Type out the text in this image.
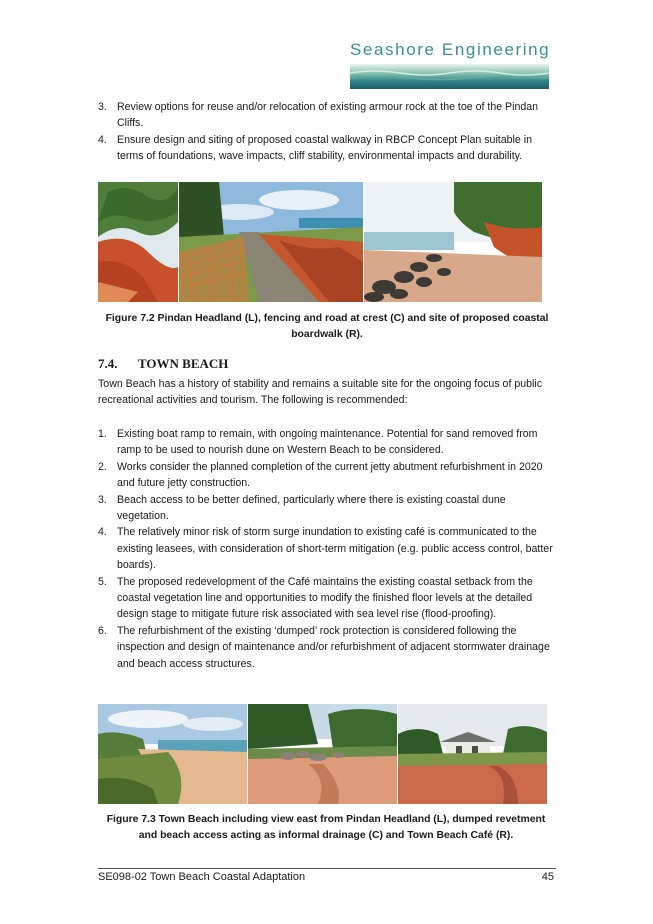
Seashore Engineering
3. Review options for reuse and/or relocation of existing armour rock at the toe of the Pindan Cliffs.
4. Ensure design and siting of proposed coastal walkway in RBCP Concept Plan suitable in terms of foundations, wave impacts, cliff stability, environmental impacts and durability.
Figure 7.2 Pindan Headland (L), fencing and road at crest (C) and site of proposed coastal boardwalk (R).
7.4. TOWN BEACH
Town Beach has a history of stability and remains a suitable site for the ongoing focus of public recreational activities and tourism. The following is recommended:
1. Existing boat ramp to remain, with ongoing maintenance. Potential for sand removed from ramp to be used to nourish dune on Western Beach to be considered.
2. Works consider the planned completion of the current jetty abutment refurbishment in 2020 and future jetty construction.
3. Beach access to be better defined, particularly where there is existing coastal dune vegetation.
4. The relatively minor risk of storm surge inundation to existing café is communicated to the existing leasees, with consideration of short-term mitigation (e.g. public access control, batter boards).
5. The proposed redevelopment of the Café maintains the existing coastal setback from the coastal vegetation line and opportunities to modify the finished floor levels at the detailed design stage to mitigate future risk associated with sea level rise (flood-proofing).
6. The refurbishment of the existing ‘dumped’ rock protection is considered following the inspection and design of maintenance and/or refurbishment of adjacent stormwater drainage and beach access structures.
Figure 7.3 Town Beach including view east from Pindan Headland (L), dumped revetment and beach access acting as informal drainage (C) and Town Beach Café (R).
SE098-02 Town Beach Coastal Adaptation	45
